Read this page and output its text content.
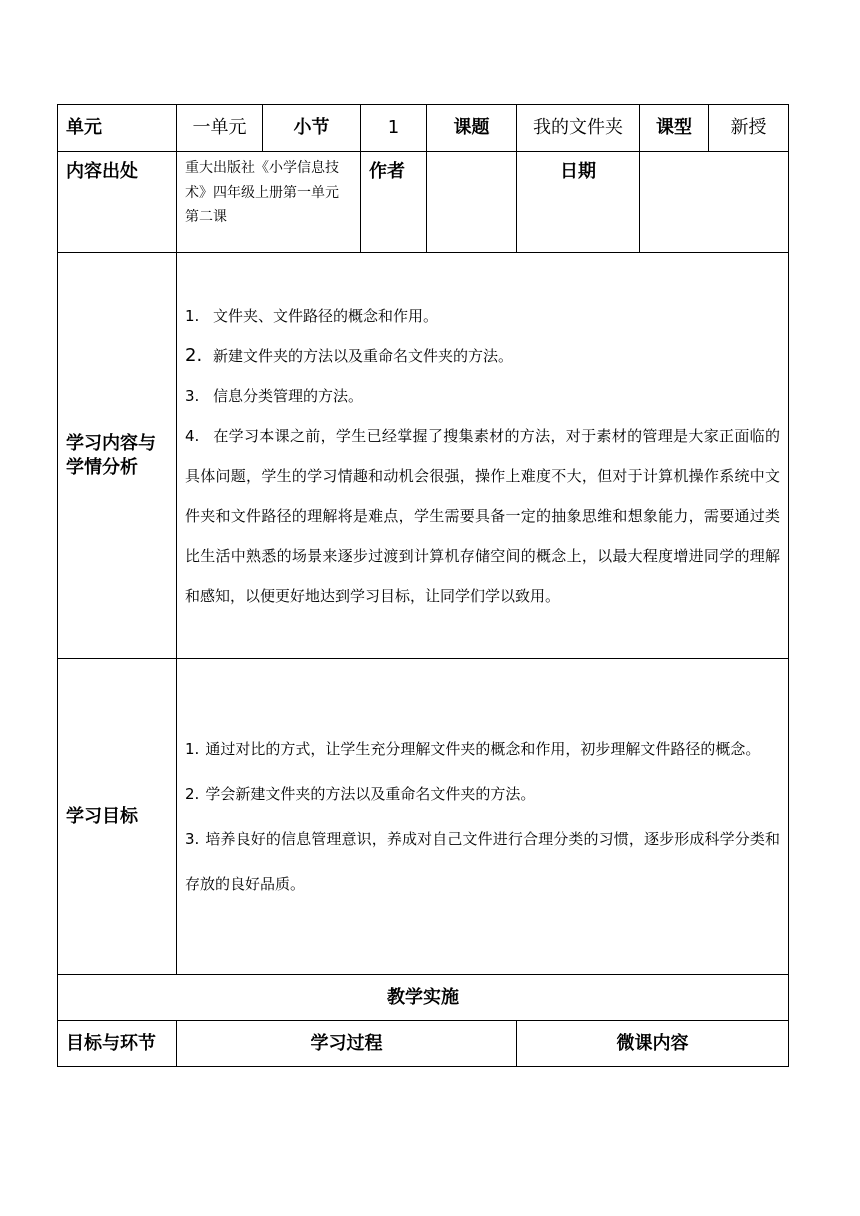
单元	一单元	小节	1	课题	我的文件夹	课型	新授
内容出处	重大出版社《小学信息技术》四年级上册第一单元第二课		作者		日期		
学习内容与学情分析	1. 文件夹、文件路径的概念和作用。

2. 新建文件夹的方法以及重命名文件夹的方法。

3. 信息分类管理的方法。

4. 在学习本课之前，学生已经掌握了搜集素材的方法，对于素材的管理是大家正面临的具体问题，学生的学习情趣和动机会很强，操作上难度不大，但对于计算机操作系统中文件夹和文件路径的理解将是难点，学生需要具备一定的抽象思维和想象能力，需要通过类比生活中熟悉的场景来逐步过渡到计算机存储空间的概念上，以最大程度增进同学的理解和感知，以便更好地达到学习目标，让同学们学以致用。						

学习目标	1. 通过对比的方式，让学生充分理解文件夹的概念和作用，初步理解文件路径的概念。

2. 学会新建文件夹的方法以及重命名文件夹的方法。

3. 培养良好的信息管理意识，养成对自己文件进行合理分类的习惯，逐步形成科学分类和存放的良好品质。						

教学实施							
目标与环节	学习过程				微课内容		
